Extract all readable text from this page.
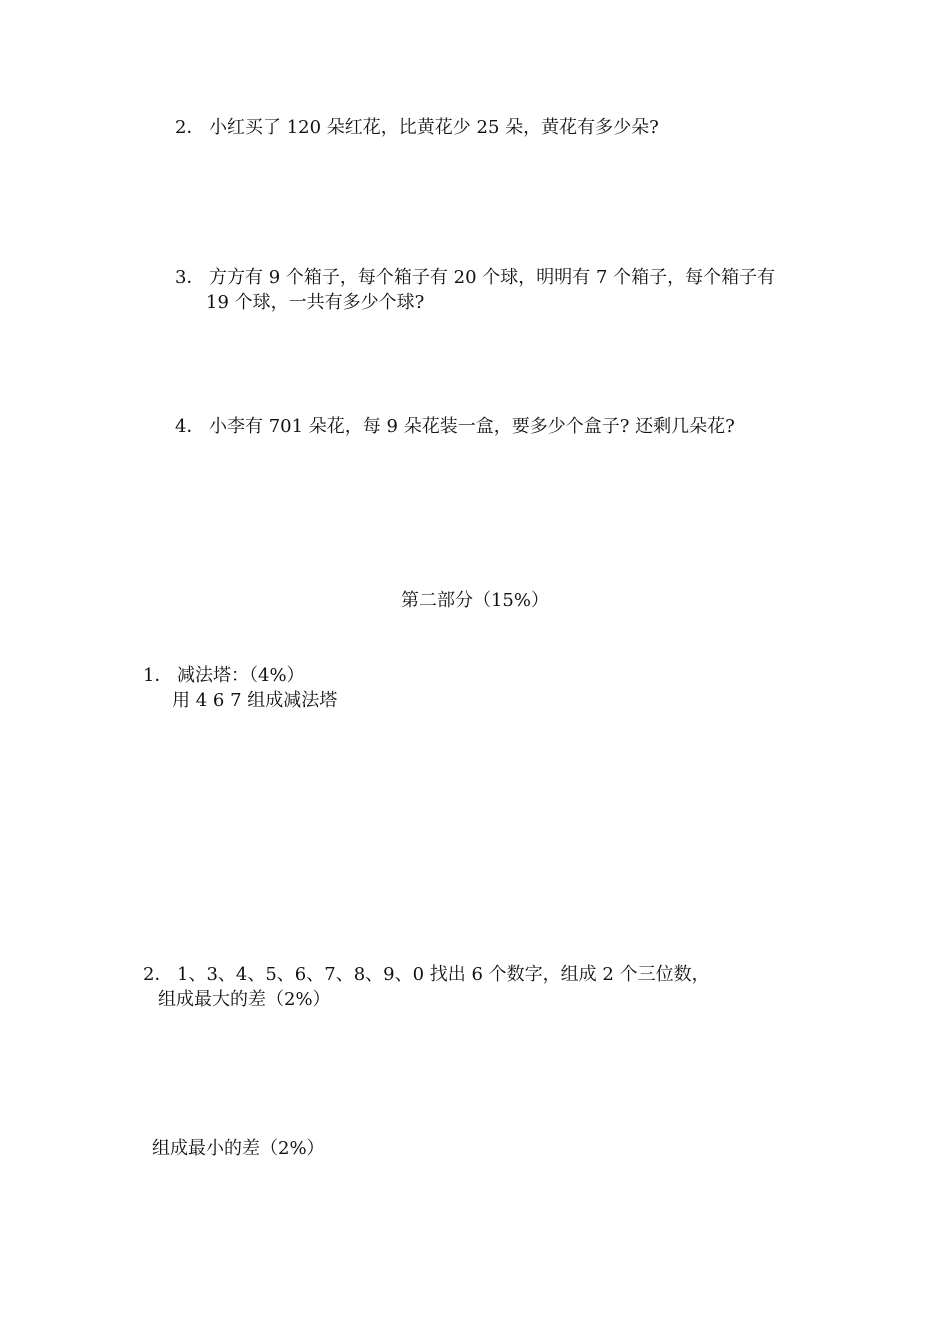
2． 小红买了 120 朵红花，比黄花少 25 朵，黄花有多少朵?
3． 方方有 9 个箱子，每个箱子有 20 个球，明明有 7 个箱子，每个箱子有
19 个球，一共有多少个球?
4． 小李有 701 朵花，每 9 朵花装一盒，要多少个盒子? 还剩几朵花?
第二部分（15%）
1． 减法塔：（4%）
用 4 6 7 组成减法塔
2． 1、3、4、5、6、7、8、9、0 找出 6 个数字，组成 2 个三位数，
组成最大的差（2%）
组成最小的差（2%）
